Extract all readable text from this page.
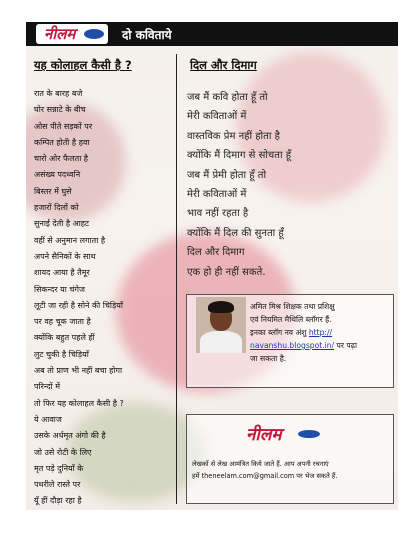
नीलम	दो कविताये
यह कोलाहल कैसी है ?
रात के बारह बजे
घोर सन्नाटे के बीच
ओस पीते सड़कों पर
कम्पित होती है हवा
चारो ओर फैलता है
असंख्य पदध्वनि
बिस्तर में घुसे
हजारों दिलों को
सुनाई देती है आहट
वहीं से अनुमान लगाता है
अपने सैनिकों के साथ
शायद आया है तैमूर
सिकन्दर या चंगेज
लूटी जा रही है सोने की चिड़ियाँ
पर वह चूक जाता है
क्योंकि बहुत पहले हीं
लुट चुकी है चिड़ियाँ
अब तो प्राण भी नहीं बचा होगा
परिन्दों में
तो फिर यह कोलाहल कैसी है ?
ये आवाज
उसके अर्धमृत अंगो की है
जो उसे रोटी के लिए
मृत पड़े दुनियाँ के
पथरीले रास्ते पर
यूँ हीं दौड़ा रहा है
दिल और दिमाग
जब मैं कवि होता हूँ तो
मेरी कविताओं में
वास्तविक प्रेम नहीं होता है
क्योंकि मैं दिमाग से सोचता हूँ
जब मैं प्रेमी होता हूँ तो
मेरी कविताओं में
भाव नहीं रहता है
क्योंकि मैं दिल की सुनता हूँ
दिल और दिमाग
एक हो ही नहीं सकते.
अमित मिश्र शिक्षक तथा प्रशिक्षु
एवं नियमित मैथिलि ब्लॉगर हैं.
इनका ब्लॉग नव अंशु http://
navanshu.blogspot.in/ पर पढ़ा
जा सकता है.
नीलम
लेखकों से लेख आमंत्रित किये जाते हैं. आप अपनी रचनाएं
हमें theneelam.com@gmail.com पर भेज सकते हैं.
